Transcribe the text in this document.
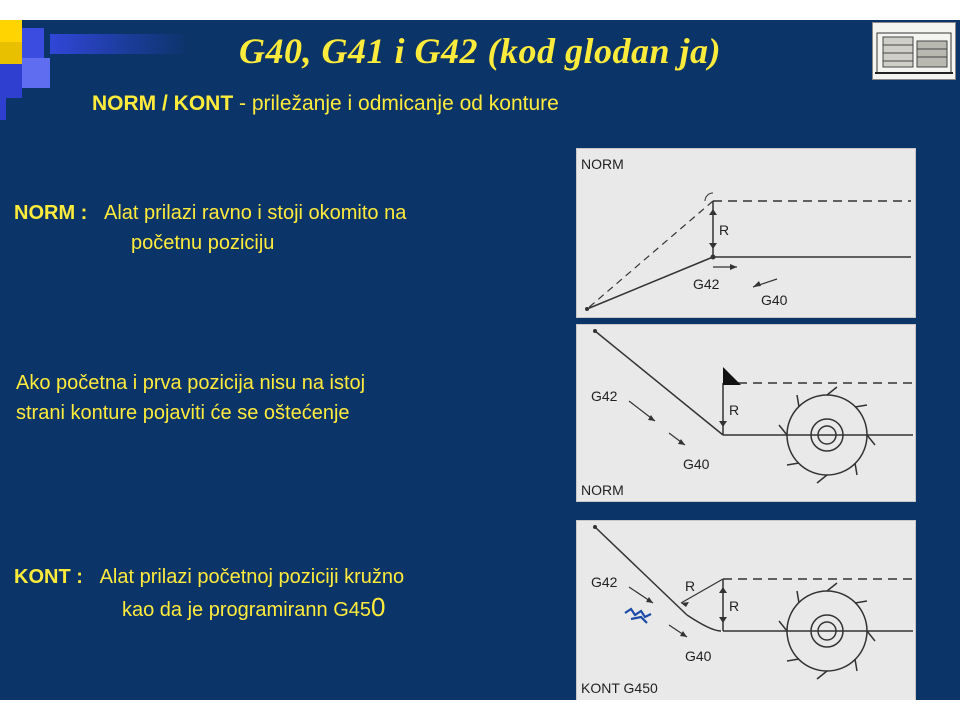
G40, G41 i G42 (kod glodan ja)
NORM / KONT - priležanje i odmicanje od konture
NORM : Alat prilazi ravno i stoji okomito na
početnu poziciju
Ako početna i prva pozicija nisu na istoj
strani konture pojaviti će se oštećenje
KONT : Alat prilazi početnoj poziciji kružno
kao da je programirann G450
NORM
R
G42
G40
R
G42
G40
NORM
R
R
G42
G40
KONT G450
